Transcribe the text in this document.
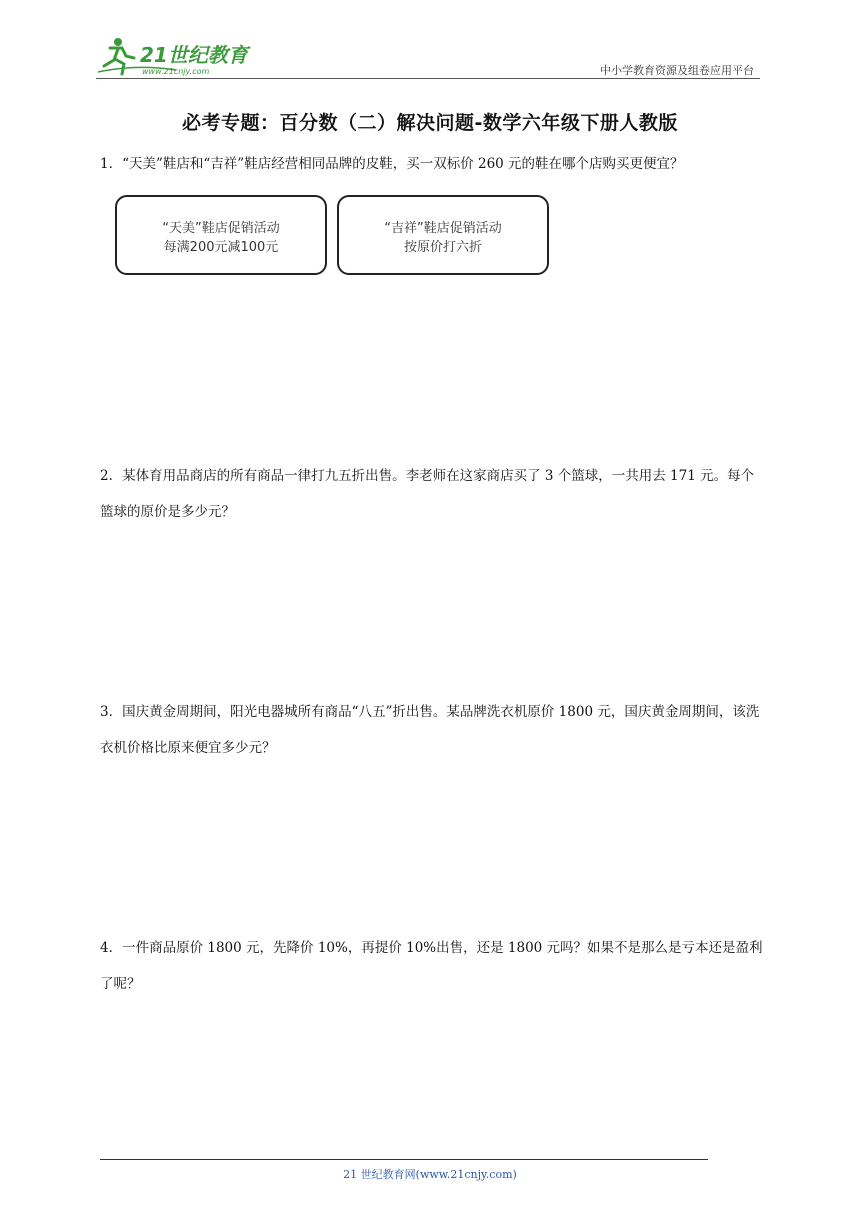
21世纪教育
www.21cnjy.com	中小学教育资源及组卷应用平台
必考专题：百分数（二）解决问题-数学六年级下册人教版
1．“天美”鞋店和“吉祥”鞋店经营相同品牌的皮鞋，买一双标价 260 元的鞋在哪个店购买更便宜？
“天美”鞋店促销活动
每满200元减100元
“吉祥”鞋店促销活动
按原价打六折
2．某体育用品商店的所有商品一律打九五折出售。李老师在这家商店买了 3 个篮球，一共用去 171 元。每个篮球的原价是多少元？
3．国庆黄金周期间，阳光电器城所有商品“八五”折出售。某品牌洗衣机原价 1800 元，国庆黄金周期间，该洗衣机价格比原来便宜多少元？
4．一件商品原价 1800 元，先降价 10%，再提价 10%出售，还是 1800 元吗？如果不是那么是亏本还是盈利了呢？
21 世纪教育网(www.21cnjy.com)
